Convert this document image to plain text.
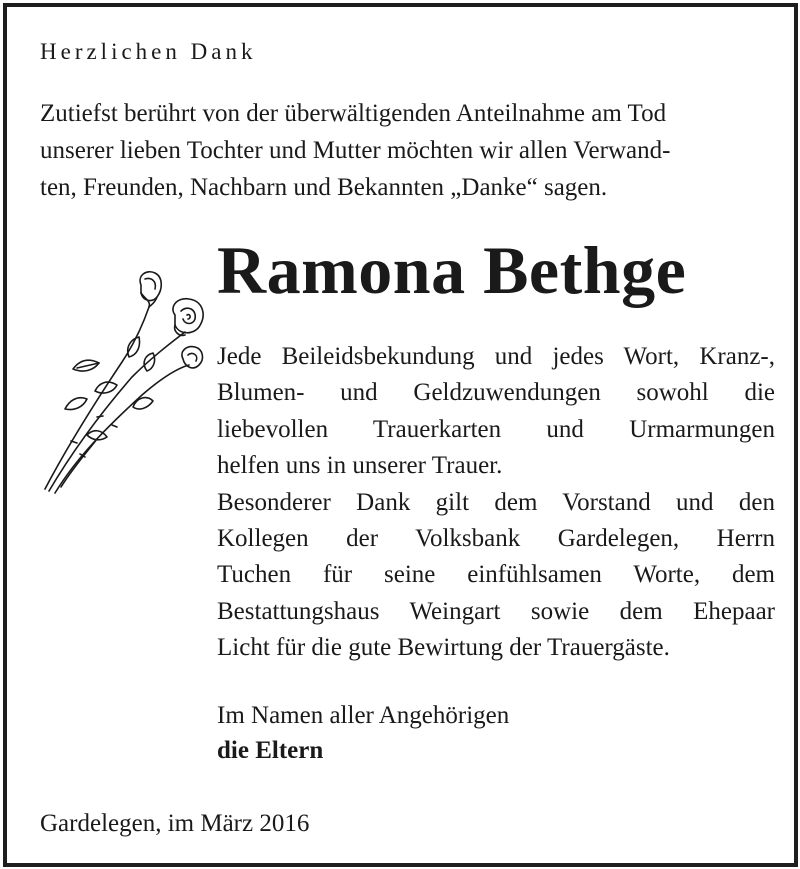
Herzlichen Dank
Zutiefst berührt von der überwältigenden Anteilnahme am Tod
unserer lieben Tochter und Mutter möchten wir allen Verwand-
ten, Freunden, Nachbarn und Bekannten „Danke“ sagen.
Ramona Bethge
Jede Beileidsbekundung und jedes Wort, Kranz-,
Blumen- und Geldzuwendungen sowohl die
liebevollen Trauerkarten und Urmarmungen
helfen uns in unserer Trauer.
Besonderer Dank gilt dem Vorstand und den
Kollegen der Volksbank Gardelegen, Herrn
Tuchen für seine einfühlsamen Worte, dem
Bestattungshaus Weingart sowie dem Ehepaar
Licht für die gute Bewirtung der Trauergäste.
Im Namen aller Angehörigen
die Eltern
Gardelegen, im März 2016
